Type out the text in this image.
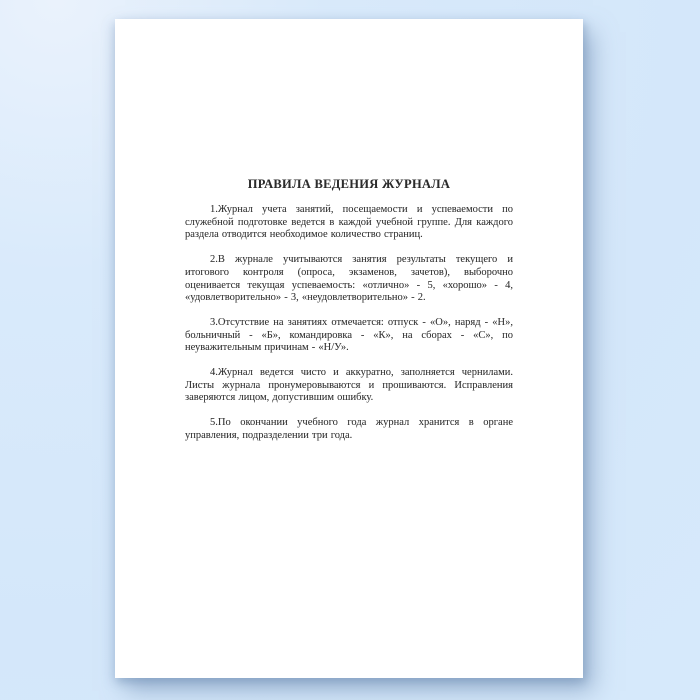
ПРАВИЛА ВЕДЕНИЯ ЖУРНАЛА

1.Журнал учета занятий, посещаемости и успеваемости по служебной подготовке ведется в каждой учебной группе. Для каждого раздела отводится необходимое количество страниц.

2.В журнале учитываются занятия результаты текущего и итогового контроля (опроса, экзаменов, зачетов), выборочно оценивается текущая успеваемость: «отлично» - 5, «хорошо» - 4, «удовлетворительно» - 3, «неудовлетворительно» - 2.

3.Отсутствие на занятиях отмечается: отпуск - «О», наряд - «Н», больничный - «Б», командировка - «К», на сборах - «С», по неуважительным причинам - «Н/У».

4.Журнал ведется чисто и аккуратно, заполняется чернилами. Листы журнала пронумеровываются и прошиваются. Исправления заверяются лицом, допустившим ошибку.

5.По окончании учебного года журнал хранится в органе управления, подразделении три года.
